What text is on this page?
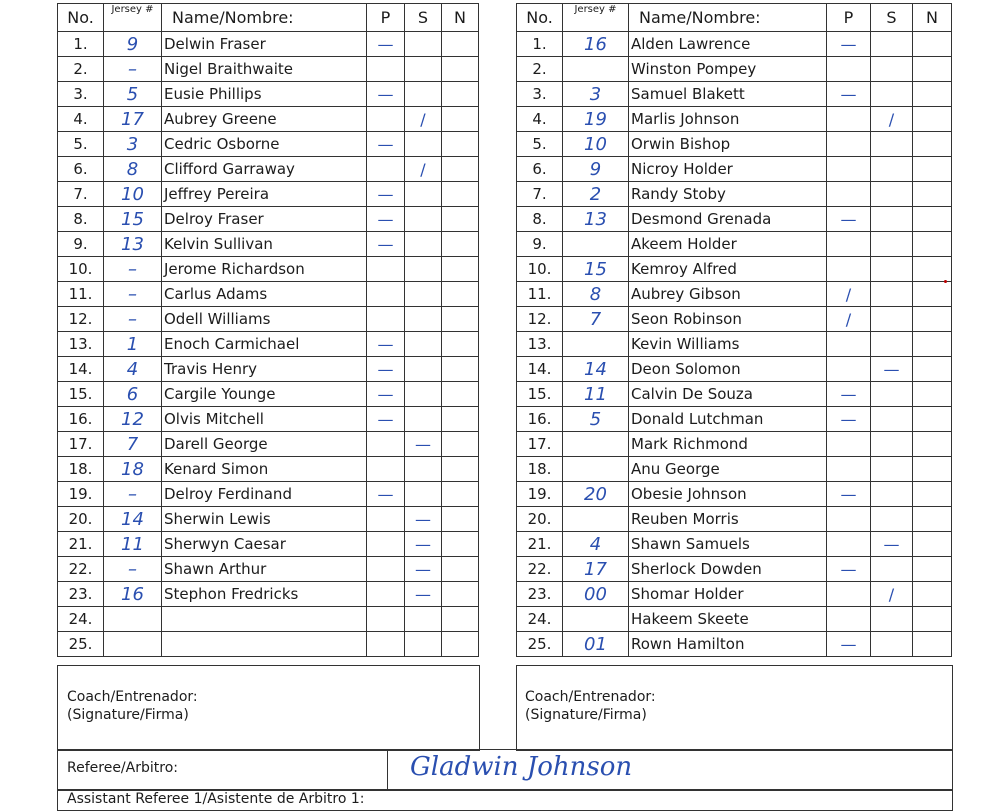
No.	Jersey #	Name/Nombre:	P	S	N
1.	9	Delwin Fraser	—		
2.	–	Nigel Braithwaite			
3.	5	Eusie Phillips	—		
4.	17	Aubrey Greene		/	
5.	3	Cedric Osborne	—		
6.	8	Clifford Garraway		/	
7.	10	Jeffrey Pereira	—		
8.	15	Delroy Fraser	—		
9.	13	Kelvin Sullivan	—		
10.	–	Jerome Richardson			
11.	–	Carlus Adams			
12.	–	Odell Williams			
13.	1	Enoch Carmichael	—		
14.	4	Travis Henry	—		
15.	6	Cargile Younge	—		
16.	12	Olvis Mitchell	—		
17.	7	Darell George		—	
18.	18	Kenard Simon			
19.	–	Delroy Ferdinand	—		
20.	14	Sherwin Lewis		—	
21.	11	Sherwyn Caesar		—	
22.	–	Shawn Arthur		—	
23.	16	Stephon Fredricks		—	
24.					
25.					
No.	Jersey #	Name/Nombre:	P	S	N
1.	16	Alden Lawrence	—		
2.		Winston Pompey			
3.	3	Samuel Blakett	—		
4.	19	Marlis Johnson		/	
5.	10	Orwin Bishop			
6.	9	Nicroy Holder			
7.	2	Randy Stoby			
8.	13	Desmond Grenada	—		
9.		Akeem Holder			
10.	15	Kemroy Alfred			
11.	8	Aubrey Gibson	/		
12.	7	Seon Robinson	/		
13.		Kevin Williams			
14.	14	Deon Solomon		—	
15.	11	Calvin De Souza	—		
16.	5	Donald Lutchman	—		
17.		Mark Richmond			
18.		Anu George			
19.	20	Obesie Johnson	—		
20.		Reuben Morris			
21.	4	Shawn Samuels		—	
22.	17	Sherlock Dowden	—		
23.	00	Shomar Holder		/	
24.		Hakeem Skeete			
25.	01	Rown Hamilton	—		
Coach/Entrenador:
(Signature/Firma)
Coach/Entrenador:
(Signature/Firma)
Referee/Arbitro:	Gladwin Johnson
Assistant Referee 1/Asistente de Arbitro 1:
